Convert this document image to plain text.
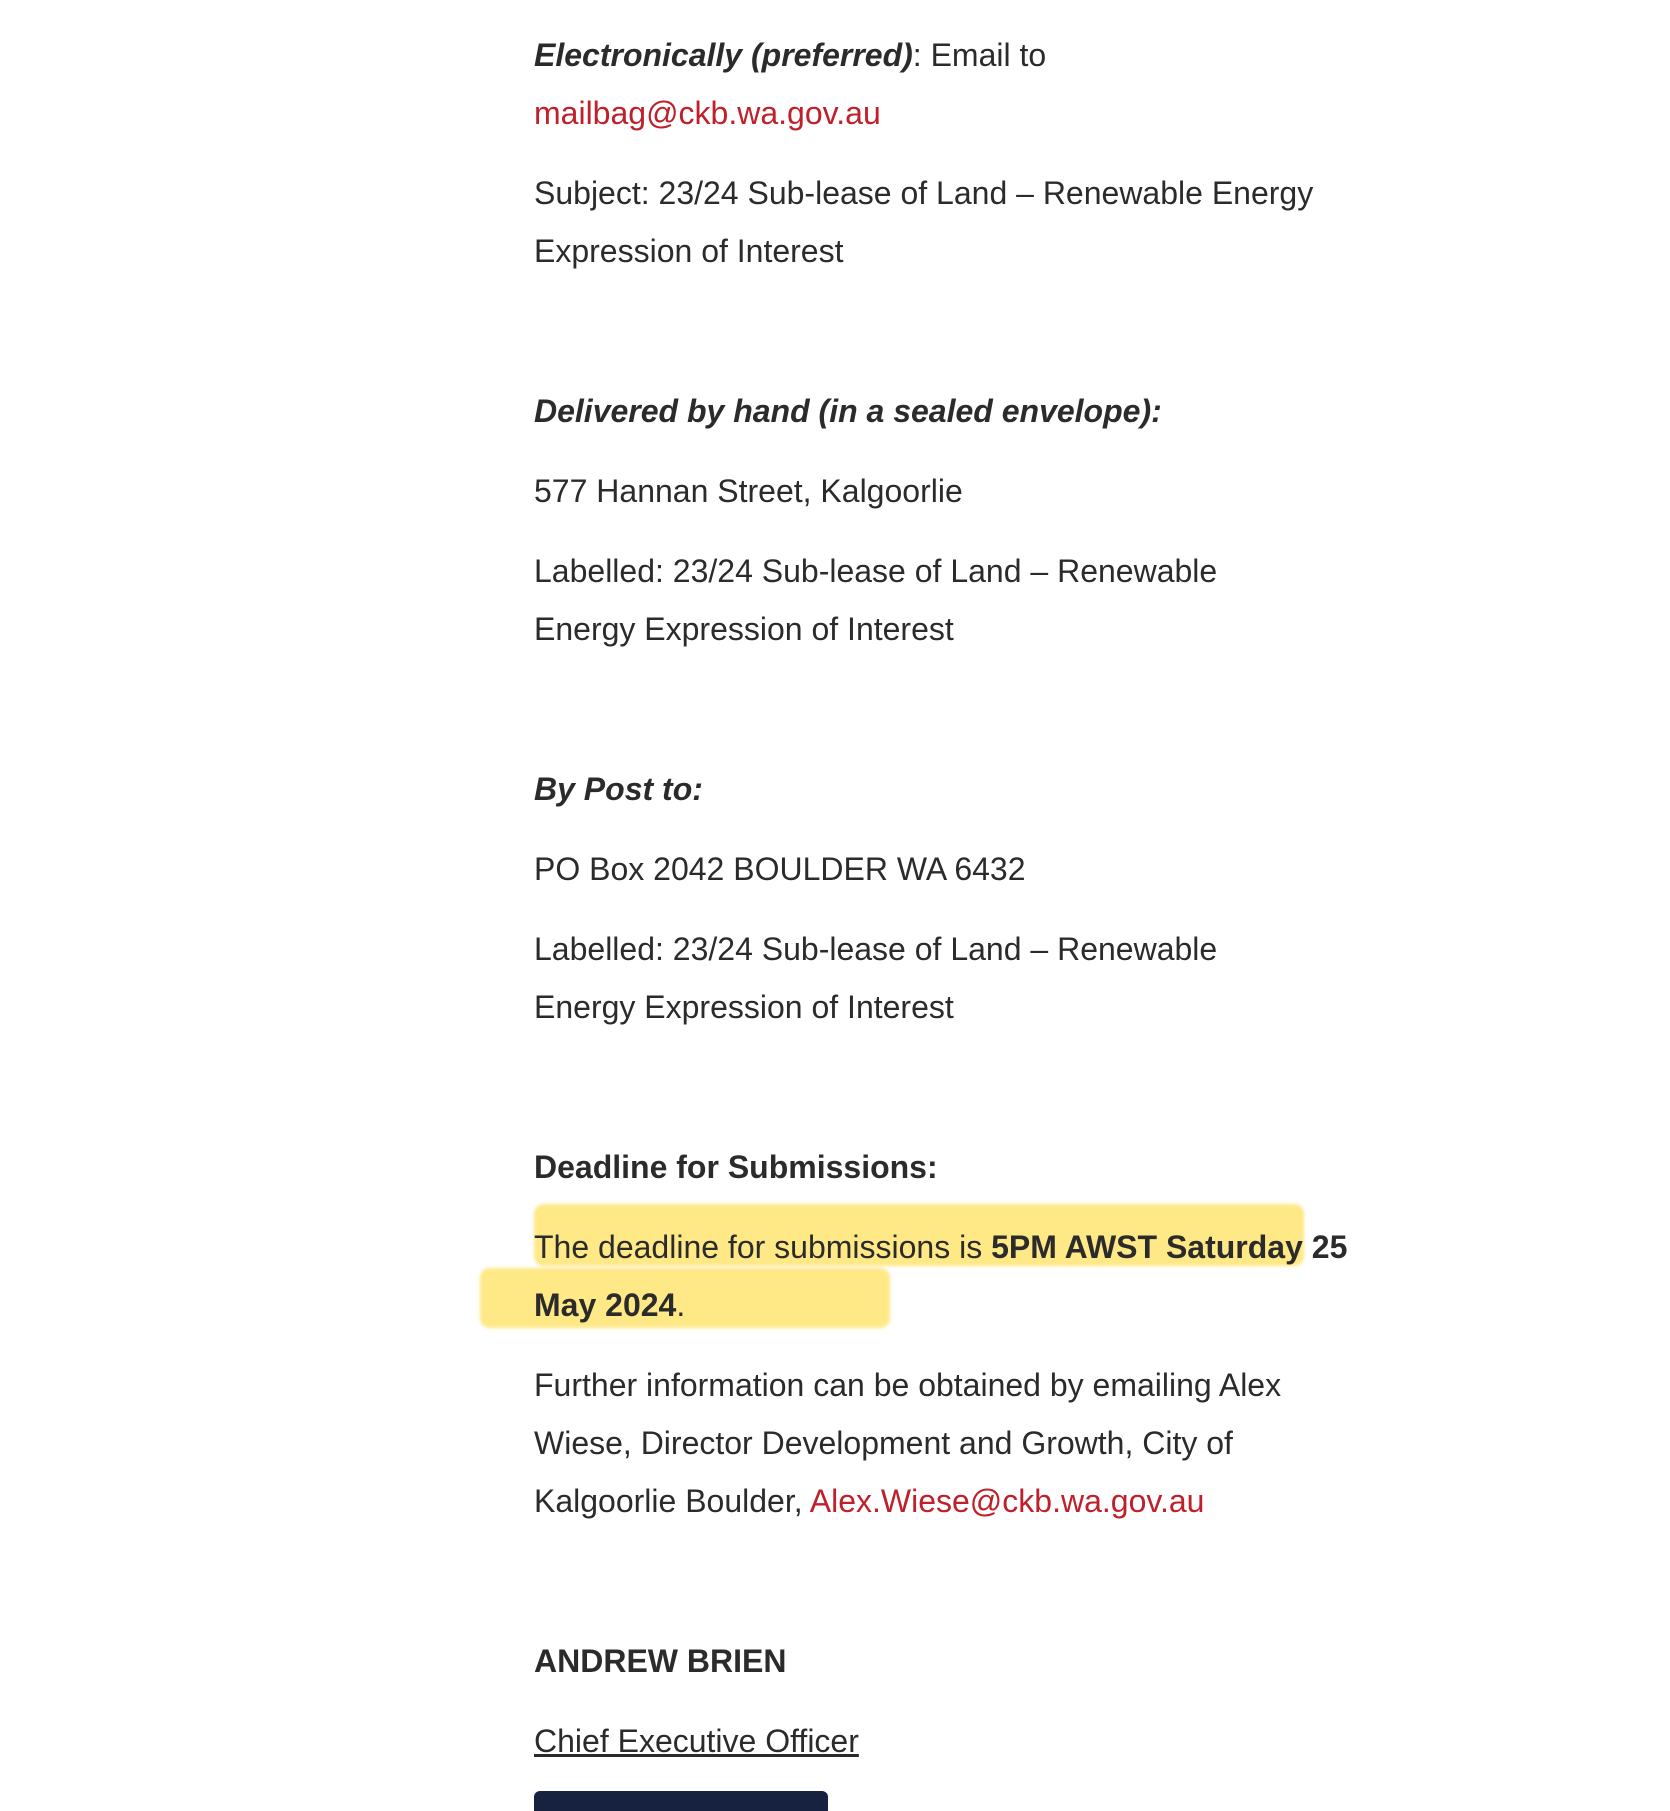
Electronically (preferred): Email to
mailbag@ckb.wa.gov.au

Subject: 23/24 Sub-lease of Land – Renewable Energy Expression of Interest

Delivered by hand (in a sealed envelope):

577 Hannan Street, Kalgoorlie

Labelled: 23/24 Sub-lease of Land – Renewable Energy Expression of Interest

By Post to:

PO Box 2042 BOULDER WA 6432

Labelled: 23/24 Sub-lease of Land – Renewable Energy Expression of Interest

Deadline for Submissions:

The deadline for submissions is 5PM AWST Saturday 25 May 2024.

Further information can be obtained by emailing Alex Wiese, Director Development and Growth, City of Kalgoorlie Boulder, Alex.Wiese@ckb.wa.gov.au

ANDREW BRIEN

Chief Executive Officer
